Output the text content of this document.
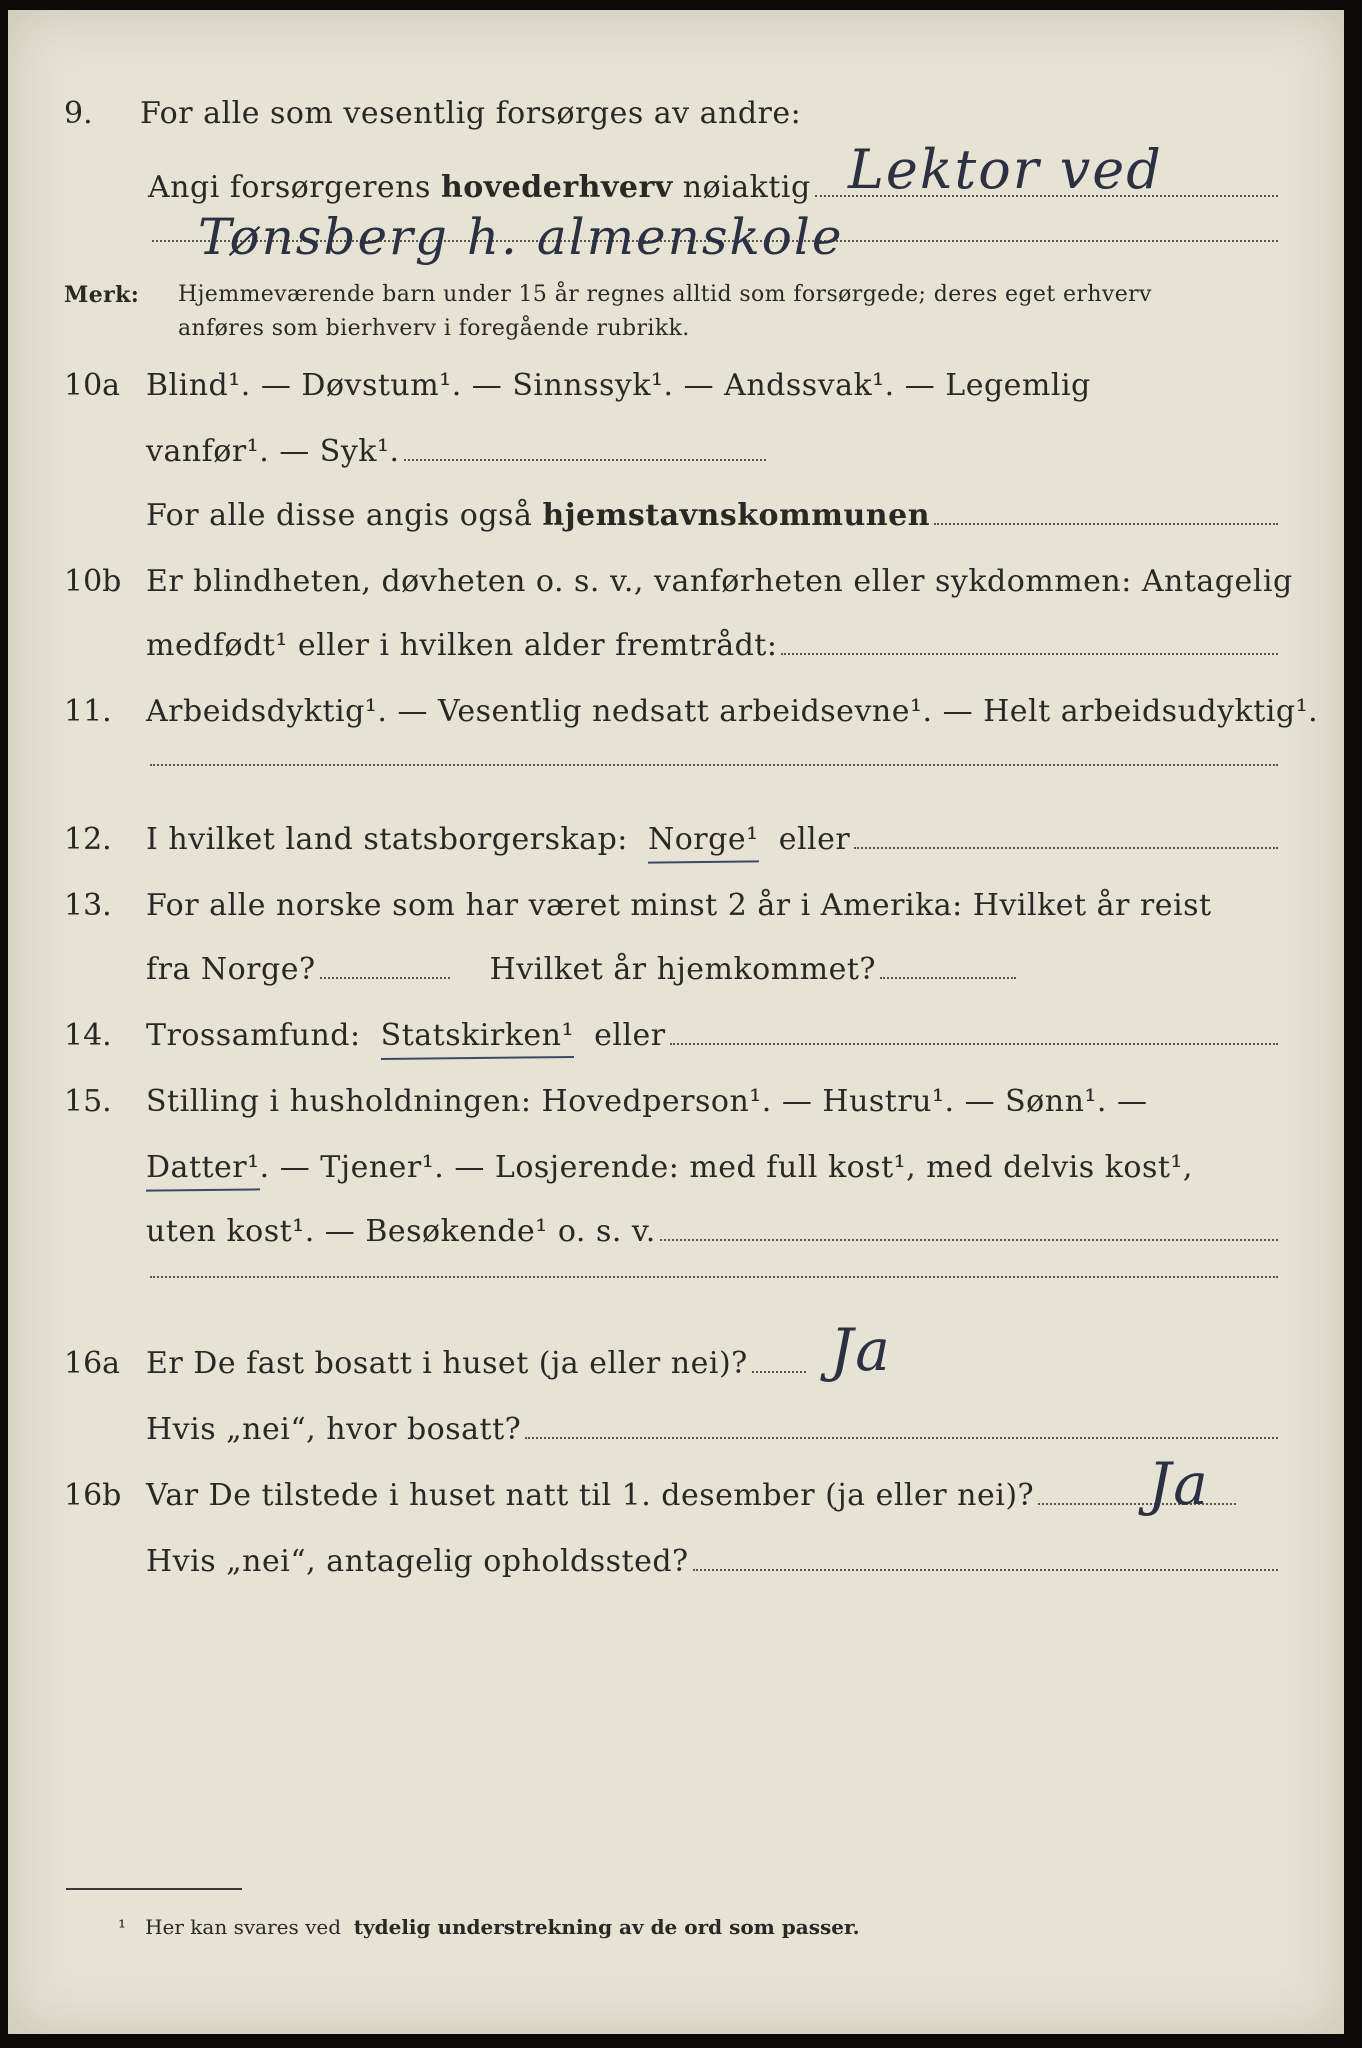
9. For alle som vesentlig forsørges av andre:
Angi forsørgerens
hovederhverv
nøiaktig Lektor ved
Tønsberg h. almenskole
Merk: Hjemmeværende barn under 15 år regnes alltid som forsørgede; deres eget erhverv
anføres som bierhverv i foregående rubrikk.
10a Blind¹. — Døvstum¹. — Sinnssyk¹. — Andssvak¹. — Legemlig
vanfør¹. — Syk¹.
For alle disse angis også
hjemstavnskommunen
10b Er blindheten, døvheten o. s. v., vanførheten eller sykdommen: Antagelig
medfødt¹ eller i hvilken alder fremtrådt:
11. Arbeidsdyktig¹. — Vesentlig nedsatt arbeidsevne¹. — Helt arbeidsudyktig¹.
12. I hvilket land statsborgerskap:
Norge¹
eller
13. For alle norske som har været minst 2 år i Amerika: Hvilket år reist
fra Norge?	Hvilket år hjemkommet?
14. Trossamfund:
Statskirken¹
eller
15. Stilling i husholdningen: Hovedperson¹. — Hustru¹. — Sønn¹. —
Datter¹ . — Tjener¹. — Losjerende: med full kost¹, med delvis kost¹,
uten kost¹. — Besøkende¹ o. s. v.
16a Er De fast bosatt i huset (ja eller nei)? Ja
Hvis „nei“, hvor bosatt?
16b Var De tilstede i huset natt til 1. desember (ja eller nei)? Ja
Hvis „nei“, antagelig opholdssted?
¹ Her kan svares ved tydelig understrekning av de ord som passer.
